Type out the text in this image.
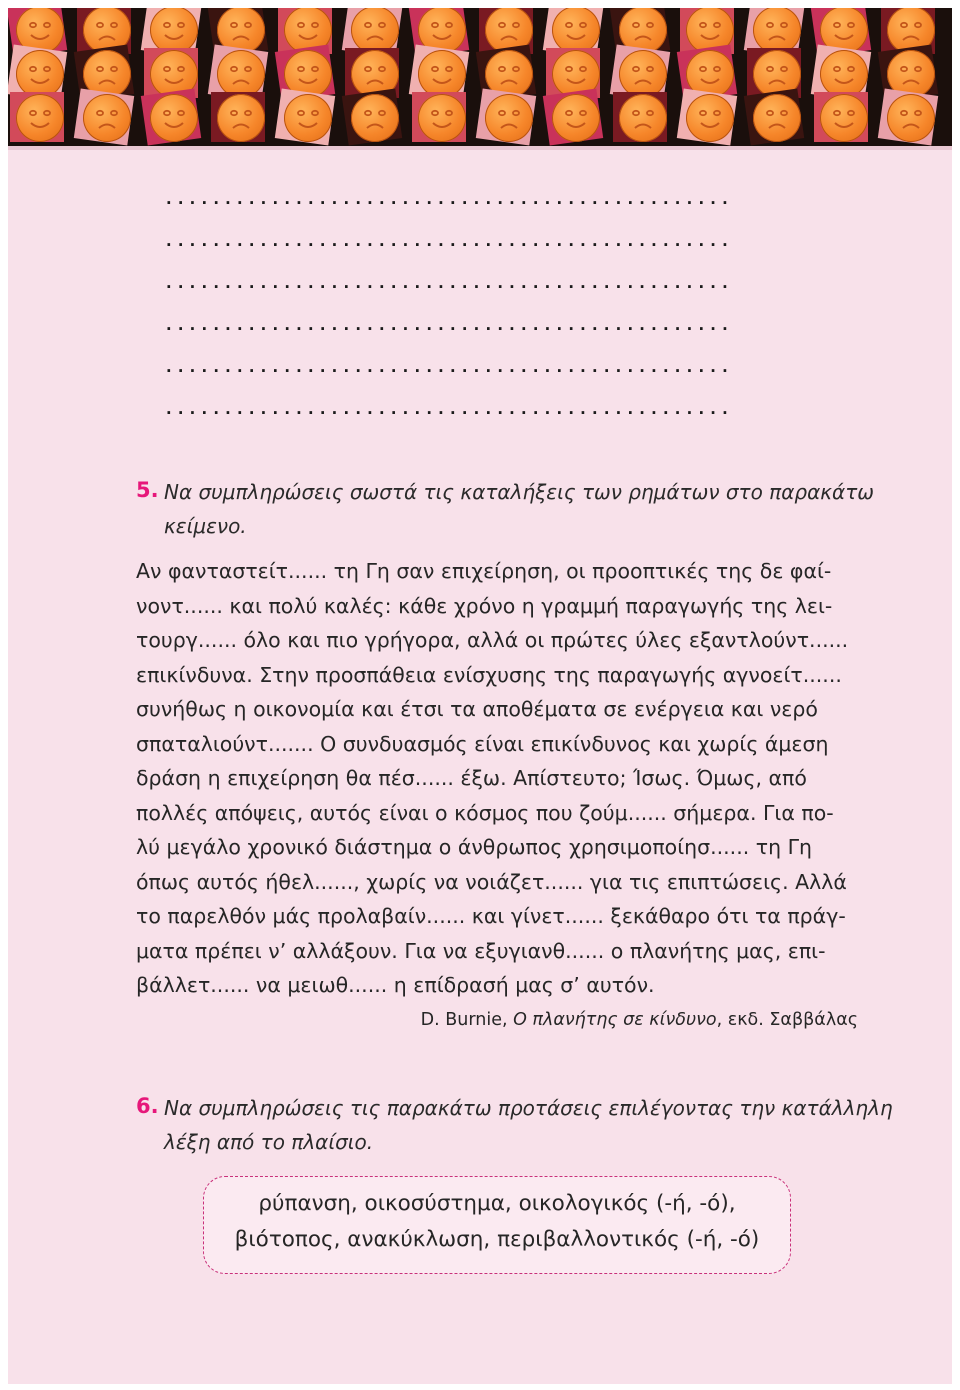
................................................
................................................
................................................
................................................
................................................
................................................
5. Να συμπληρώσεις σωστά τις καταλήξεις των ρημάτων στο παρακάτω
κείμενο.
Αν φανταστείτ...... τη Γη σαν επιχείρηση, οι προοπτικές της δε φαί-
νοντ...... και πολύ καλές: κάθε χρόνο η γραμμή παραγωγής της λει-
τουργ...... όλο και πιο γρήγορα, αλλά οι πρώτες ύλες εξαντλούντ......
επικίνδυνα. Στην προσπάθεια ενίσχυσης της παραγωγής αγνοείτ......
συνήθως η οικονομία και έτσι τα αποθέματα σε ενέργεια και νερό
σπαταλιούντ....... Ο συνδυασμός είναι επικίνδυνος και χωρίς άμεση
δράση η επιχείρηση θα πέσ...... έξω. Απίστευτο; Ίσως. Όμως, από
πολλές απόψεις, αυτός είναι ο κόσμος που ζούμ...... σήμερα. Για πο-
λύ μεγάλο χρονικό διάστημα ο άνθρωπος χρησιμοποίησ...... τη Γη
όπως αυτός ήθελ......, χωρίς να νοιάζετ...... για τις επιπτώσεις. Αλλά
το παρελθόν μάς προλαβαίν...... και γίνετ...... ξεκάθαρο ότι τα πράγ-
ματα πρέπει ν’ αλλάξουν. Για να εξυγιανθ...... ο πλανήτης μας, επι-
βάλλετ...... να μειωθ...... η επίδρασή μας σ’ αυτόν.
D. Burnie, Ο πλανήτης σε κίνδυνο, εκδ. Σαββάλας
6. Να συμπληρώσεις τις παρακάτω προτάσεις επιλέγοντας την κατάλληλη
λέξη από το πλαίσιο.
ρύπανση, οικοσύστημα, οικολογικός (-ή, -ό),
βιότοπος, ανακύκλωση, περιβαλλοντικός (-ή, -ό)
